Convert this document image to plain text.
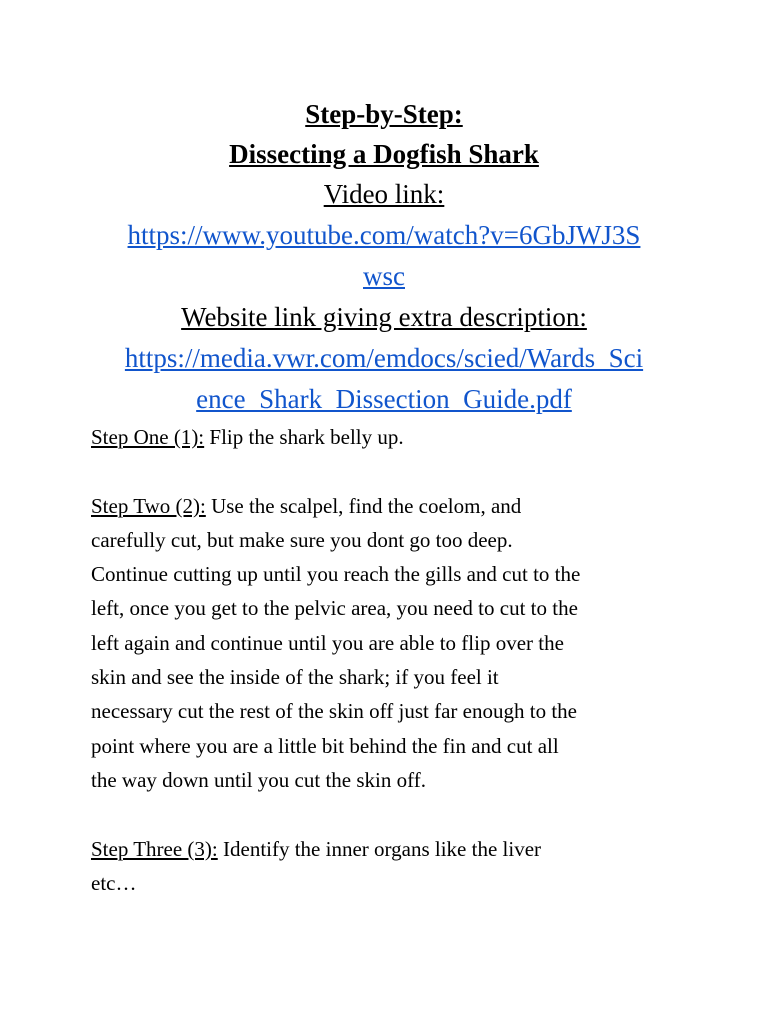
Step-by-Step:
Dissecting a Dogfish Shark
Video link:
https://www.youtube.com/watch?v=6GbJWJ3S
wsc
Website link giving extra description:
https://media.vwr.com/emdocs/scied/Wards_Sci
ence_Shark_Dissection_Guide.pdf
Step One (1): Flip the shark belly up.
Step Two (2): Use the scalpel, find the coelom, and
carefully cut, but make sure you dont go too deep.
Continue cutting up until you reach the gills and cut to the
left, once you get to the pelvic area, you need to cut to the
left again and continue until you are able to flip over the
skin and see the inside of the shark; if you feel it
necessary cut the rest of the skin off just far enough to the
point where you are a little bit behind the fin and cut all
the way down until you cut the skin off.
Step Three (3): Identify the inner organs like the liver
etc…
